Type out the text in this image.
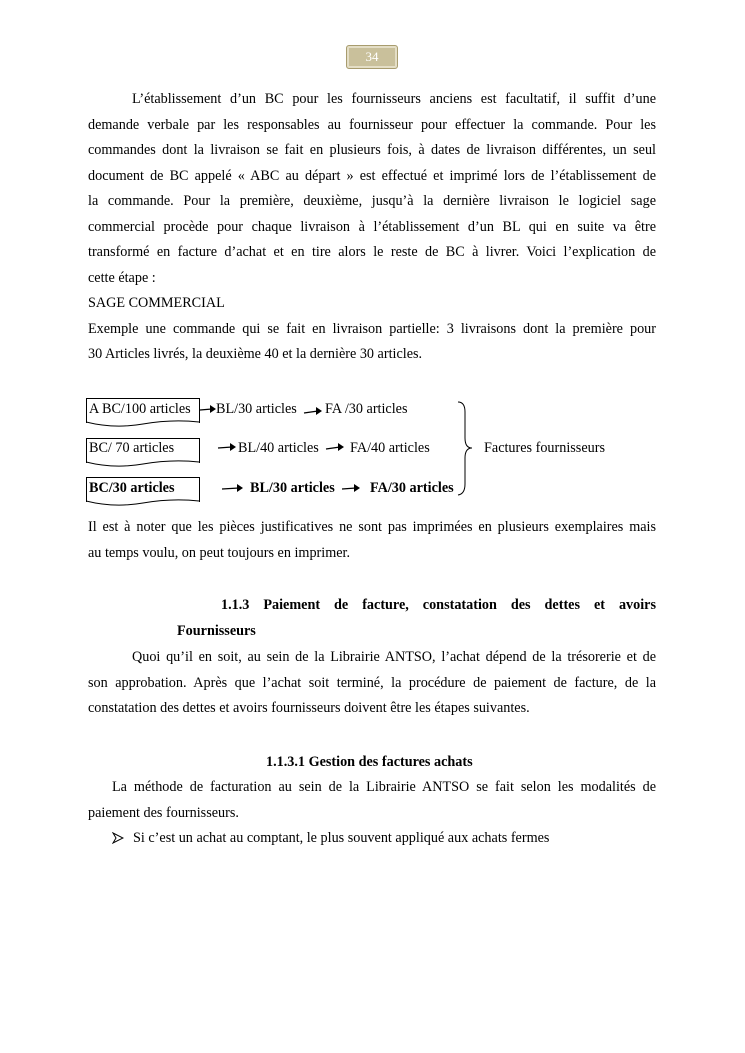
34
L’établissement d’un BC pour les fournisseurs anciens est facultatif, il suffit d’une
demande verbale par les responsables au fournisseur pour effectuer la commande. Pour les
commandes dont la livraison se fait en plusieurs fois, à dates de livraison différentes, un seul
document de BC appelé « ABC au départ » est effectué et imprimé lors de l’établissement de
la commande. Pour la première, deuxième, jusqu’à la dernière livraison le logiciel sage
commercial procède pour chaque livraison à l’établissement d’un BL qui en suite va être
transformé en facture d’achat et en tire alors le reste de BC à livrer. Voici l’explication de
cette étape :
SAGE COMMERCIAL
Exemple une commande qui se fait en livraison partielle: 3 livraisons dont la première pour
30 Articles livrés, la deuxième 40 et la dernière 30 articles.
A BC/100 articles BL/30 articles FA /30 articles
BC/ 70 articles	BL/40 articles FA/40 articles
BC/30 articles	BL/30 articles FA/30 articles
Factures fournisseurs
Il est à noter que les pièces justificatives ne sont pas imprimées en plusieurs exemplaires mais
au temps voulu, on peut toujours en imprimer.
1.1.3 Paiement de facture, constatation des dettes et avoirs
Fournisseurs
Quoi qu’il en soit, au sein de la Librairie ANTSO, l’achat dépend de la trésorerie et de
son approbation. Après que l’achat soit terminé, la procédure de paiement de facture, de la
constatation des dettes et avoirs fournisseurs doivent être les étapes suivantes.
1.1.3.1 Gestion des factures achats
La méthode de facturation au sein de la Librairie ANTSO se fait selon les modalités de
paiement des fournisseurs.
Si c’est un achat au comptant, le plus souvent appliqué aux achats fermes
